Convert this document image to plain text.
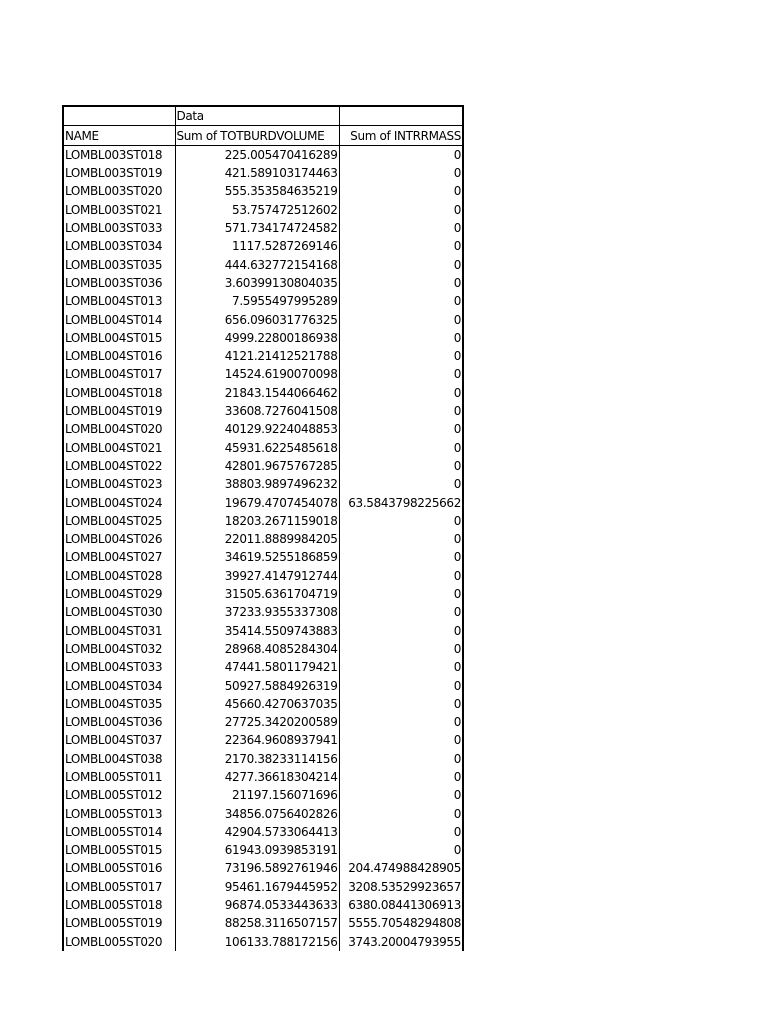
	Data	
NAME	Sum of TOTBURDVOLUME	Sum of INTRRMASS
LOMBL003ST018	225.005470416289	0
LOMBL003ST019	421.589103174463	0
LOMBL003ST020	555.353584635219	0
LOMBL003ST021	53.757472512602	0
LOMBL003ST033	571.734174724582	0
LOMBL003ST034	1117.5287269146	0
LOMBL003ST035	444.632772154168	0
LOMBL003ST036	3.60399130804035	0
LOMBL004ST013	7.5955497995289	0
LOMBL004ST014	656.096031776325	0
LOMBL004ST015	4999.22800186938	0
LOMBL004ST016	4121.21412521788	0
LOMBL004ST017	14524.6190070098	0
LOMBL004ST018	21843.1544066462	0
LOMBL004ST019	33608.7276041508	0
LOMBL004ST020	40129.9224048853	0
LOMBL004ST021	45931.6225485618	0
LOMBL004ST022	42801.9675767285	0
LOMBL004ST023	38803.9897496232	0
LOMBL004ST024	19679.4707454078	63.5843798225662
LOMBL004ST025	18203.2671159018	0
LOMBL004ST026	22011.8889984205	0
LOMBL004ST027	34619.5255186859	0
LOMBL004ST028	39927.4147912744	0
LOMBL004ST029	31505.6361704719	0
LOMBL004ST030	37233.9355337308	0
LOMBL004ST031	35414.5509743883	0
LOMBL004ST032	28968.4085284304	0
LOMBL004ST033	47441.5801179421	0
LOMBL004ST034	50927.5884926319	0
LOMBL004ST035	45660.4270637035	0
LOMBL004ST036	27725.3420200589	0
LOMBL004ST037	22364.9608937941	0
LOMBL004ST038	2170.38233114156	0
LOMBL005ST011	4277.36618304214	0
LOMBL005ST012	21197.156071696	0
LOMBL005ST013	34856.0756402826	0
LOMBL005ST014	42904.5733064413	0
LOMBL005ST015	61943.0939853191	0
LOMBL005ST016	73196.5892761946	204.474988428905
LOMBL005ST017	95461.1679445952	3208.53529923657
LOMBL005ST018	96874.0533443633	6380.08441306913
LOMBL005ST019	88258.3116507157	5555.70548294808
LOMBL005ST020	106133.788172156	3743.20004793955
